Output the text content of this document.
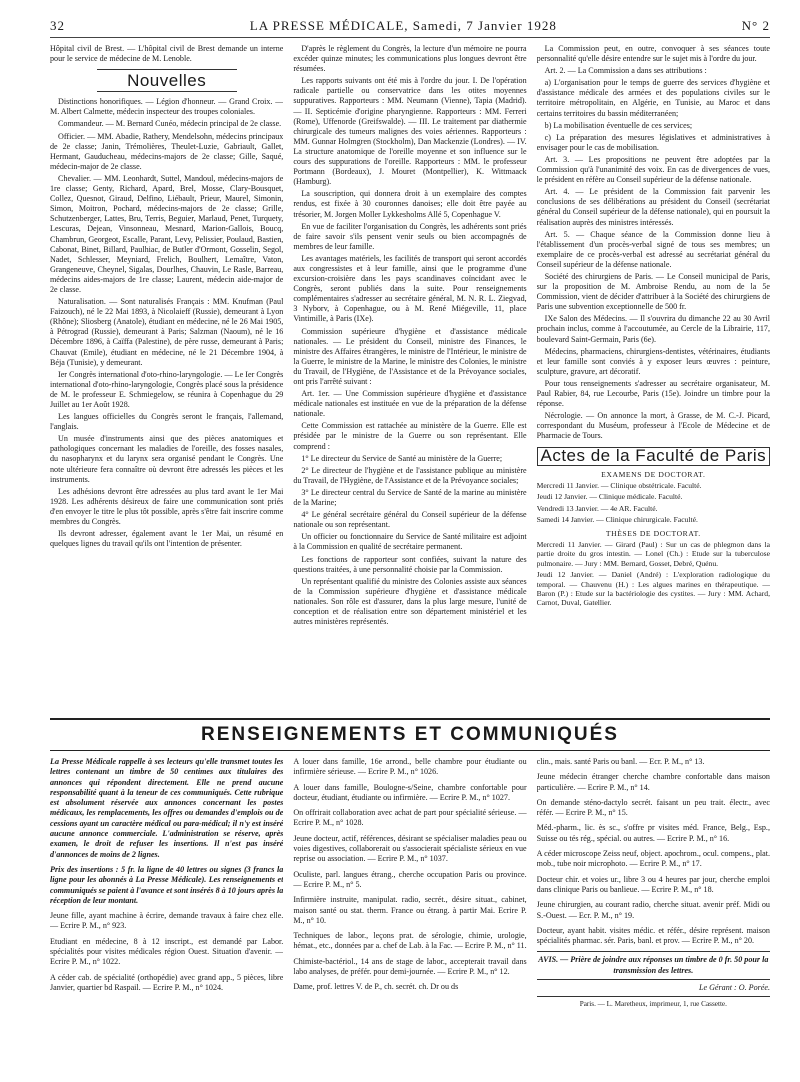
32	LA PRESSE MÉDICALE, Samedi, 7 Janvier 1928	N° 2

Hôpital civil de Brest. — L'hôpital civil de Brest demande un interne pour le service de médecine de M. Lenoble.

Nouvelles

Distinctions honorifiques. — Légion d'honneur. — Grand Croix. — M. Albert Calmette, médecin inspecteur des troupes coloniales.

Commandeur. — M. Bernard Cunéo, médecin principal de 2e classe.

Officier. — MM. Abadie, Rathery, Mendelsohn, médecins principaux de 2e classe; Janin, Trémolières, Theulet-Luzie, Gabriault, Gallet, Hermant, Gauducheau, médecins-majors de 2e classe; Gille, Saqué, médecin-major de 2e classe.

Chevalier. — MM. Leonhardt, Suttel, Mandoul, médecins-majors de 1re classe; Genty, Richard, Apard, Brel, Mosse, Clary-Bousquet, Collez, Quesnot, Giraud, Delfino, Liébault, Prieur, Maurel, Simonin, Simon, Moitron, Pochard, médecins-majors de 2e classe; Grille, Schutzenberger, Lattes, Bru, Terris, Beguier, Marlaud, Penet, Turquety, Lescuras, Dejean, Vinsonneau, Mesnard, Marion-Gallois, Boucq, Chambrun, Georgeot, Escalle, Parant, Levy, Pelissier, Poulaud, Bastien, Cabonat, Binet, Billard, Paulhiac, de Butler d'Ormont, Gosselin, Segol, Nadet, Schlesser, Meyniard, Frelich, Boulhert, Lemaître, Vaton, Grangeneuve, Cheynel, Sigalas, Dourlhes, Chauvin, Le Rasle, Barreau, médecins aides-majors de 1re classe; Laurent, médecin aide-major de 2e classe.

Naturalisation. — Sont naturalisés Français : MM. Knufman (Paul Faizouch), né le 22 Mai 1893, à Nicolaieff (Russie), demeurant à Lyon (Rhône); Sliosberg (Anatole), étudiant en médecine, né le 26 Mai 1905, à Pétrograd (Russie), demeurant à Paris; Salzman (Naoum), né le 16 Décembre 1896, à Caïffa (Palestine), de père russe, demeurant à Paris; Chauvat (Emile), étudiant en médecine, né le 21 Décembre 1904, à Béja (Tunisie), y demeurant.

Ier Congrès international d'oto-rhino-laryngologie. — Le Ier Congrès international d'oto-rhino-laryngologie, Congrès placé sous la présidence de M. le professeur E. Schmiegelow, se réunira à Copenhague du 29 Juillet au 1er Août 1928.

Les langues officielles du Congrès seront le français, l'allemand, l'anglais.

Un musée d'instruments ainsi que des pièces anatomiques et pathologiques concernant les maladies de l'oreille, des fosses nasales, du nasopharynx et du larynx sera organisé pendant le Congrès. Une note ultérieure fera connaître où devront être adressés les pièces et les instruments.

Les adhésions devront être adressées au plus tard avant le 1er Mai 1928. Les adhérents désireux de faire une communication sont priés d'en envoyer le titre le plus tôt possible, après s'être fait inscrire comme membres du Congrès.

Ils devront adresser, également avant le 1er Mai, un résumé en quelques lignes du travail qu'ils ont l'intention de présenter.

D'après le règlement du Congrès, la lecture d'un mémoire ne pourra excéder quinze minutes; les communications plus longues devront être résumées.

Les rapports suivants ont été mis à l'ordre du jour. I. De l'opération radicale partielle ou conservatrice dans les otites moyennes suppuratives. Rapporteurs : MM. Neumann (Vienne), Tapia (Madrid). — II. Septicémie d'origine pharyngienne. Rapporteurs : MM. Ferreri (Rome), Uffenorde (Greifswalde). — III. Le traitement par diathermie chirurgicale des tumeurs malignes des voies aériennes. Rapporteurs : MM. Gunnar Holmgren (Stockholm), Dan Mackenzie (Londres). — IV. La structure anatomique de l'oreille moyenne et son influence sur le cours des suppurations de l'oreille. Rapporteurs : MM. le professeur Portmann (Bordeaux), J. Mouret (Montpellier), K. Wittmaack (Hamburg).

La souscription, qui donnera droit à un exemplaire des comptes rendus, est fixée à 30 couronnes danoises; elle doit être payée au trésorier, M. Jorgen Moller Lykkesholms Allé 5, Copenhague V.

En vue de faciliter l'organisation du Congrès, les adhérents sont priés de faire savoir s'ils pensent venir seuls ou bien accompagnés de membres de leur famille.

Les avantages matériels, les facilités de transport qui seront accordés aux congressistes et à leur famille, ainsi que le programme d'une excursion-croisière dans les pays scandinaves coïncidant avec le Congrès, seront publiés dans la suite. Pour renseignements complémentaires s'adresser au secrétaire général, M. N. R. L. Ziegvad, 3 Nyborv, à Copenhague, ou à M. René Miégeville, 11, place Vintimille, à Paris (IXe).

Commission supérieure d'hygiène et d'assistance médicale nationales. — Le président du Conseil, ministre des Finances, le ministre des Affaires étrangères, le ministre de l'Intérieur, le ministre de la Guerre, le ministre de la Marine, le ministre des Colonies, le ministre du Travail, de l'Hygiène, de l'Assistance et de la Prévoyance sociales, ont pris l'arrêté suivant :

Art. 1er. — Une Commission supérieure d'hygiène et d'assistance médicale nationales est instituée en vue de la préparation de la défense nationale.

Cette Commission est rattachée au ministère de la Guerre. Elle est présidée par le ministre de la Guerre ou son représentant. Elle comprend :

1° Le directeur du Service de Santé au ministère de la Guerre;

2° Le directeur de l'hygiène et de l'assistance publique au ministère du Travail, de l'Hygiène, de l'Assistance et de la Prévoyance sociales;

3° Le directeur central du Service de Santé de la marine au ministère de la Marine;

4° Le général secrétaire général du Conseil supérieur de la défense nationale ou son représentant.

Un officier ou fonctionnaire du Service de Santé militaire est adjoint à la Commission en qualité de secrétaire permanent.

Les fonctions de rapporteur sont confiées, suivant la nature des questions traitées, à une personnalité choisie par la Commission.

Un représentant qualifié du ministre des Colonies assiste aux séances de la Commission supérieure d'hygiène et d'assistance médicale nationales. Son rôle est d'assurer, dans la plus large mesure, l'unité de conception et de réalisation entre son département ministériel et les autres ministères représentés.

La Commission peut, en outre, convoquer à ses séances toute personnalité qu'elle désire entendre sur le sujet mis à l'ordre du jour.

Art. 2. — La Commission a dans ses attributions :

a) L'organisation pour le temps de guerre des services d'hygiène et d'assistance médicale des armées et des populations civiles sur le territoire métropolitain, en Algérie, en Tunisie, au Maroc et dans certains territoires du bassin méditerranéen;

b) La mobilisation éventuelle de ces services;

c) La préparation des mesures législatives et administratives à envisager pour le cas de mobilisation.

Art. 3. — Les propositions ne peuvent être adoptées par la Commission qu'à l'unanimité des voix. En cas de divergences de vues, le président en réfère au Conseil supérieur de la défense nationale.

Art. 4. — Le président de la Commission fait parvenir les conclusions de ses délibérations au président du Conseil (secrétariat général du Conseil supérieur de la défense nationale), qui en poursuit la réalisation auprès des ministres intéressés.

Art. 5. — Chaque séance de la Commission donne lieu à l'établissement d'un procès-verbal signé de tous ses membres; un exemplaire de ce procès-verbal est adressé au secrétariat général du Conseil supérieur de la défense nationale.

Société des chirurgiens de Paris. — Le Conseil municipal de Paris, sur la proposition de M. Ambroise Rendu, au nom de la 5e Commission, vient de décider d'attribuer à la Société des chirurgiens de Paris une subvention exceptionnelle de 500 fr.

IXe Salon des Médecins. — Il s'ouvrira du dimanche 22 au 30 Avril prochain inclus, comme à l'accoutumée, au Cercle de la Librairie, 117, boulevard Saint-Germain, Paris (6e).

Médecins, pharmaciens, chirurgiens-dentistes, vétérinaires, étudiants et leur famille sont conviés à y exposer leurs œuvres : peinture, sculpture, gravure, art décoratif.

Pour tous renseignements s'adresser au secrétaire organisateur, M. Paul Rabier, 84, rue Lecourbe, Paris (15e). Joindre un timbre pour la réponse.

Nécrologie. — On annonce la mort, à Grasse, de M. C.-J. Picard, correspondant du Muséum, professeur à l'Ecole de Médecine et de Pharmacie de Tours.

Actes de la Faculté de Paris
EXAMENS DE DOCTORAT.

Mercredi 11 Janvier. — Clinique obstétricale. Faculté.

Jeudi 12 Janvier. — Clinique médicale. Faculté.

Vendredi 13 Janvier. — 4e AR. Faculté.

Samedi 14 Janvier. — Clinique chirurgicale. Faculté.

THÈSES DE DOCTORAT.

Mercredi 11 Janvier. — Girard (Paul) : Sur un cas de phlegmon dans la partie droite du gros intestin. — Lonel (Ch.) : Etude sur la tuberculose pulmonaire. — Jury : MM. Bernard, Gosset, Debré, Quénu.

Jeudi 12 Janvier. — Daniel (André) : L'exploration radiologique du temporal. — Chauvenu (H.) : Les algues marines en thérapeutique. — Baron (P.) : Etude sur la bactériologie des cystites. — Jury : MM. Achard, Carnot, Duval, Gatellier.

RENSEIGNEMENTS ET COMMUNIQUÉS

La Presse Médicale rappelle à ses lecteurs qu'elle transmet toutes les lettres contenant un timbre de 50 centimes aux titulaires des annonces qui répondent directement. Elle ne prend aucune responsabilité quant à la teneur de ces communiqués. Cette rubrique est absolument réservée aux annonces concernant les postes médicaux, les remplacements, les offres ou demandes d'emplois ou de cessions ayant un caractère médical ou para-médical; il n'y est inséré aucune annonce commerciale. L'administration se réserve, après examen, le droit de refuser les insertions. Il n'est pas inséré d'annonces de moins de 2 lignes.

Prix des insertions : 5 fr. la ligne de 40 lettres ou signes (3 francs la ligne pour les abonnés à La Presse Médicale). Les renseignements et communiqués se paient à l'avance et sont insérés 8 à 10 jours après la réception de leur montant.

Jeune fille, ayant machine à écrire, demande travaux à faire chez elle. — Ecrire P. M., n° 923.

Etudiant en médecine, 8 à 12 inscript., est demandé par Labor. spécialités pour visites médicales région Ouest. Situation d'avenir. — Ecrire P. M., n° 1022.

A céder cab. de spécialité (orthopédie) avec grand app., 5 pièces, libre Janvier, quartier bd Raspail. — Ecrire P. M., n° 1024.

A louer dans famille, 16e arrond., belle chambre pour étudiante ou infirmière sérieuse. — Ecrire P. M., n° 1026.

A louer dans famille, Boulogne-s/Seine, chambre confortable pour docteur, étudiant, étudiante ou infirmière. — Ecrire P. M., n° 1027.

On offrirait collaboration avec achat de part pour spécialité sérieuse. — Ecrire P. M., n° 1028.

Jeune docteur, actif, références, désirant se spécialiser maladies peau ou voies digestives, collaborerait ou s'associerait spécialiste sérieux en vue reprise ou association. — Ecrire P. M., n° 1037.

Oculiste, parl. langues étrang., cherche occupation Paris ou province. — Ecrire P. M., n° 5.

Infirmière instruite, manipulat. radio, secrét., désire situat., cabinet, maison santé ou stat. therm. France ou étrang. à partir Mai. Ecrire P. M., n° 10.

Techniques de labor., leçons prat. de sérologie, chimie, urologie, hémat., etc., données par a. chef de Lab. à la Fac. — Ecrire P. M., n° 11.

Chimiste-bactériol., 14 ans de stage de labor., accepterait travail dans labo analyses, de préfér. pour demi-journée. — Ecrire P. M., n° 12.

Dame, prof. lettres V. de P., ch. secrét. ch. Dr ou ds

clin., mais. santé Paris ou banl. — Ecr. P. M., n° 13.

Jeune médecin étranger cherche chambre confortable dans maison particulière. — Ecrire P. M., n° 14.

On demande sténo-dactylo secrét. faisant un peu trait. électr., avec référ. — Ecrire P. M., n° 15.

Méd.-pharm., lic. ès sc., s'offre pr visites méd. France, Belg., Esp., Suisse ou tés rég., spécial. ou autres. — Ecrire P. M., n° 16.

A céder microscope Zeiss neuf, object. apochrom., ocul. compens., plat. mob., tube noir microphoto. — Ecrire P. M., n° 17.

Docteur chir. et voies ur., libre 3 ou 4 heures par jour, cherche emploi dans clinique Paris ou banlieue. — Ecrire P. M., n° 18.

Jeune chirurgien, au courant radio, cherche situat. avenir préf. Midi ou S.-Ouest. — Ecr. P. M., n° 19.

Docteur, ayant habit. visites médic. et référ., désire représent. maison spécialités pharmac. sér. Paris, banl. et prov. — Ecrire P. M., n° 20.

AVIS. — Prière de joindre aux réponses un timbre de 0 fr. 50 pour la transmission des lettres.
Le Gérant : O. Porée.
Paris. — L. Maretheux, imprimeur, 1, rue Cassette.
